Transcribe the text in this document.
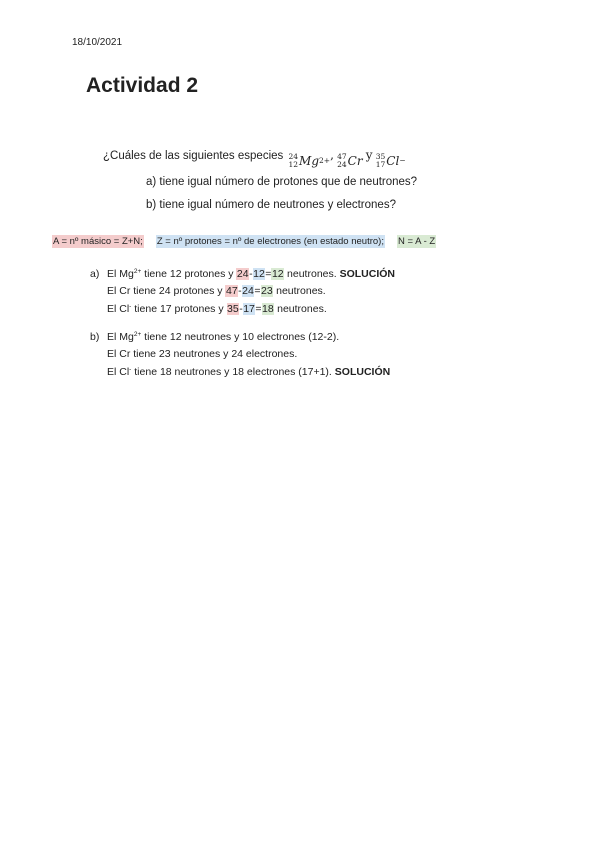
18/10/2021
Actividad 2
¿Cuáles de las siguientes especies 24
12 Mg 2+ , 47
24 Cr y 35
17 Cl −
a) tiene igual número de protones que de neutrones?
b) tiene igual número de neutrones y electrones?
A = nº másico = Z+N; Z = nº protones = nº de electrones (en estado neutro); N = A - Z
a) El $Mg^{2+}$ tiene 12 protones y 24-12=12 neutrones. SOLUCIÓN
El Cr tiene 24 protones y 47-24=23 neutrones.
El Cl- tiene 17 protones y 35-17=18 neutrones.
b) El $Mg^{2+}$ tiene 12 neutrones y 10 electrones (12-2).
El Cr tiene 23 neutrones y 24 electrones.
El Cl- tiene 18 neutrones y 18 electrones (17+1). SOLUCIÓN
